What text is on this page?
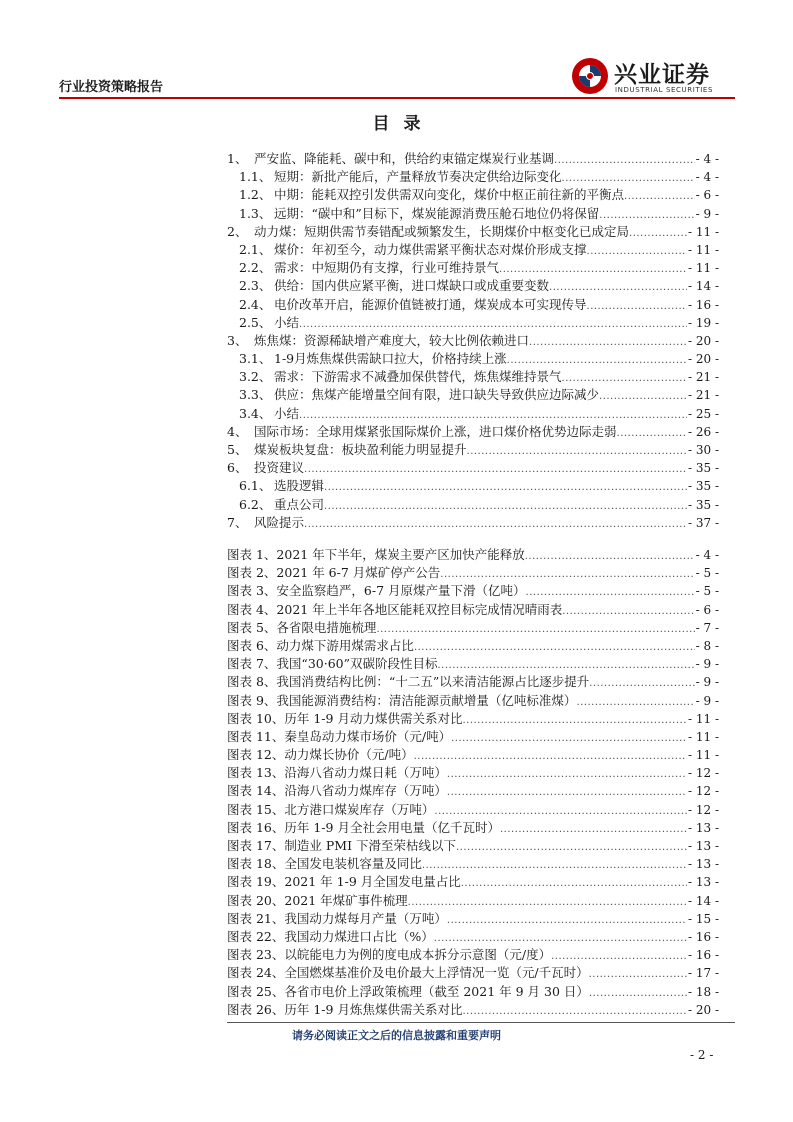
行业投资策略报告	兴业证券
INDUSTRIAL SECURITIES
目录
1、 严安监、降能耗、碳中和，供给约束锚定煤炭行业基调 .....	- 4 -
1.1、 短期：新批产能后，产量释放节奏决定供给边际变化 .....	- 4 -
1.2、 中期：能耗双控引发供需双向变化，煤价中枢正前往新的平衡点 .....	- 6 -
1.3、 远期：“碳中和”目标下，煤炭能源消费压舱石地位仍将保留 .....	- 9 -
2、 动力煤：短期供需节奏错配或频繁发生，长期煤价中枢变化已成定局 .....	- 11 -
2.1、 煤价：年初至今，动力煤供需紧平衡状态对煤价形成支撑 .....	- 11 -
2.2、 需求：中短期仍有支撑，行业可维持景气 .....	- 11 -
2.3、 供给：国内供应紧平衡，进口煤缺口或成重要变数 .....	- 14 -
2.4、 电价改革开启，能源价值链被打通，煤炭成本可实现传导 .....	- 16 -
2.5、 小结 .....	- 19 -
3、 炼焦煤：资源稀缺增产难度大，较大比例依赖进口 .....	- 20 -
3.1、 1-9月炼焦煤供需缺口拉大，价格持续上涨 .....	- 20 -
3.2、 需求：下游需求不减叠加保供替代，炼焦煤维持景气 .....	- 21 -
3.3、 供应：焦煤产能增量空间有限，进口缺失导致供应边际减少 .....	- 21 -
3.4、 小结 .....	- 25 -
4、 国际市场：全球用煤紧张国际煤价上涨，进口煤价格优势边际走弱 .....	- 26 -
5、 煤炭板块复盘：板块盈利能力明显提升 .....	- 30 -
6、 投资建议 .....	- 35 -
6.1、 选股逻辑 .....	- 35 -
6.2、 重点公司 .....	- 35 -
7、 风险提示 .....	- 37 -
图表 1、2021 年下半年，煤炭主要产区加快产能释放 .....	- 4 -
图表 2、2021 年 6-7 月煤矿停产公告 .....	- 5 -
图表 3、安全监察趋严，6-7 月原煤产量下滑（亿吨） .....	- 5 -
图表 4、2021 年上半年各地区能耗双控目标完成情况晴雨表 .....	- 6 -
图表 5、各省限电措施梳理 .....	- 7 -
图表 6、动力煤下游用煤需求占比 .....	- 8 -
图表 7、我国“30·60”双碳阶段性目标 .....	- 9 -
图表 8、我国消费结构比例：“十二五”以来清洁能源占比逐步提升 .....	- 9 -
图表 9、我国能源消费结构：清洁能源贡献增量（亿吨标准煤） .....	- 9 -
图表 10、历年 1-9 月动力煤供需关系对比 .....	- 11 -
图表 11、秦皇岛动力煤市场价（元/吨） .....	- 11 -
图表 12、动力煤长协价（元/吨） .....	- 11 -
图表 13、沿海八省动力煤日耗（万吨） .....	- 12 -
图表 14、沿海八省动力煤库存（万吨） .....	- 12 -
图表 15、北方港口煤炭库存（万吨） .....	- 12 -
图表 16、历年 1-9 月全社会用电量（亿千瓦时） .....	- 13 -
图表 17、制造业 PMI 下滑至荣枯线以下 .....	- 13 -
图表 18、全国发电装机容量及同比 .....	- 13 -
图表 19、2021 年 1-9 月全国发电量占比 .....	- 13 -
图表 20、2021 年煤矿事件梳理 .....	- 14 -
图表 21、我国动力煤每月产量（万吨） .....	- 15 -
图表 22、我国动力煤进口占比（%） .....	- 16 -
图表 23、以皖能电力为例的度电成本拆分示意图（元/度） .....	- 16 -
图表 24、全国燃煤基准价及电价最大上浮情况一览（元/千瓦时） .....	- 17 -
图表 25、各省市电价上浮政策梳理（截至 2021 年 9 月 30 日） .....	- 18 -
图表 26、历年 1-9 月炼焦煤供需关系对比 .....	- 20 -
请务必阅读正文之后的信息披露和重要声明
- 2 -
